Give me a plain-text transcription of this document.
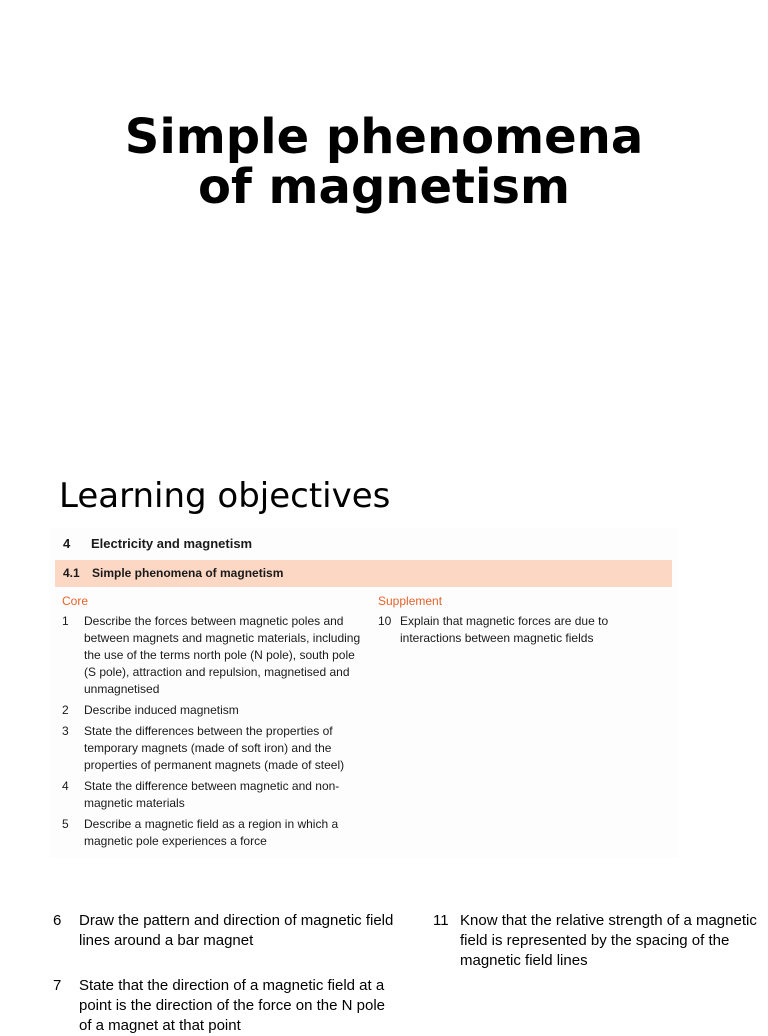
Simple phenomena
of magnetism
Learning objectives
4 Electricity and magnetism
4.1 Simple phenomena of magnetism
Core	Supplement
1	Describe the forces between magnetic poles and between magnets and magnetic materials, including the use of the terms north pole (N pole), south pole (S pole), attraction and repulsion, magnetised and unmagnetised
2	Describe induced magnetism
3	State the differences between the properties of temporary magnets (made of soft iron) and the properties of permanent magnets (made of steel)
4	State the difference between magnetic and non-magnetic materials
5	Describe a magnetic field as a region in which a magnetic pole experiences a force
10 Explain that magnetic forces are due to interactions between magnetic fields
6	Draw the pattern and direction of magnetic field lines around a bar magnet
7	State that the direction of a magnetic field at a point is the direction of the force on the N pole of a magnet at that point
11 Know that the relative strength of a magnetic field is represented by the spacing of the magnetic field lines
